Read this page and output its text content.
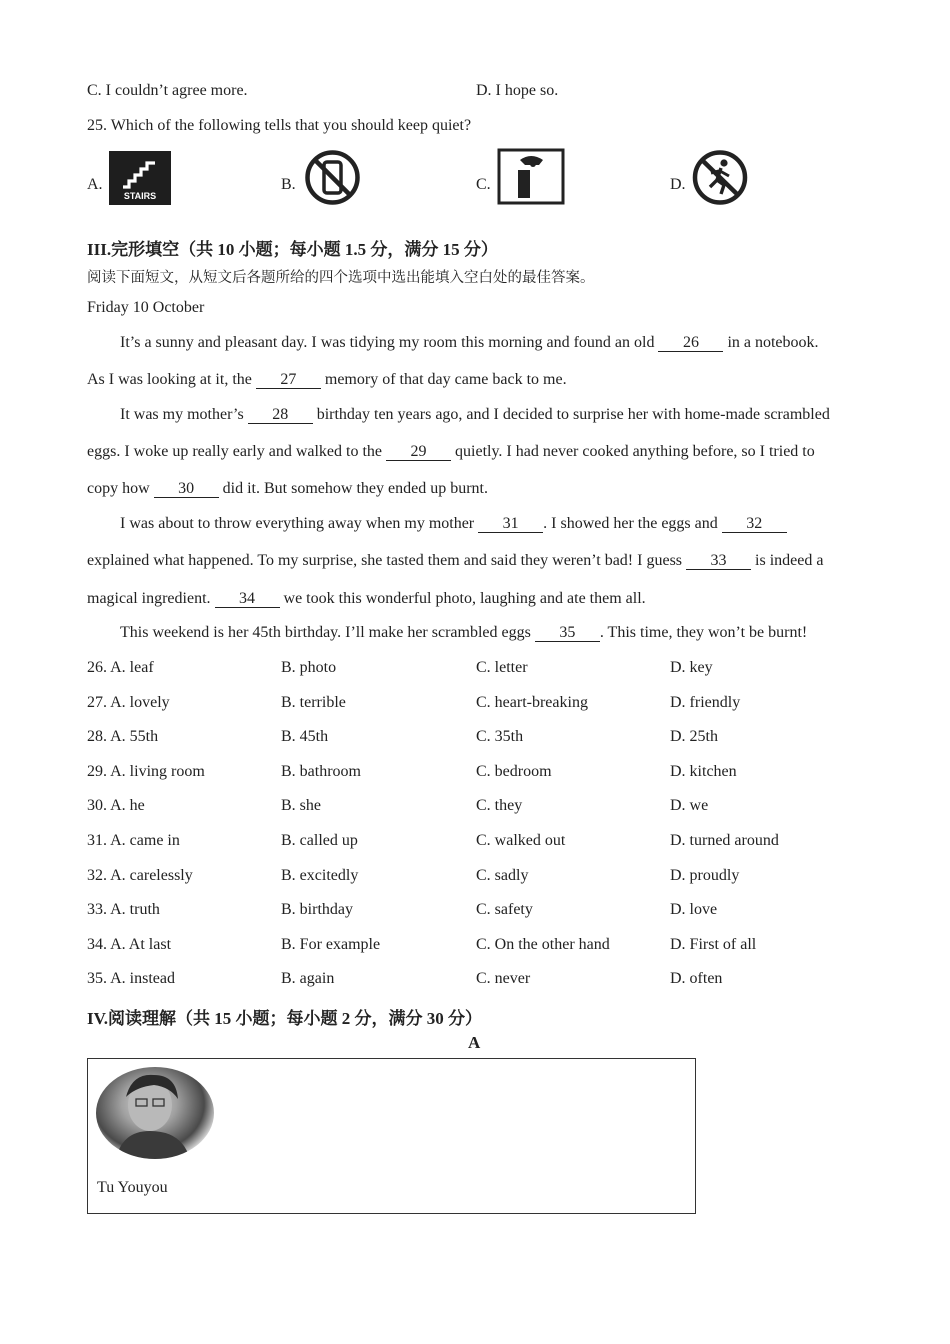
C. I couldn’t agree more.	D. I hope so.
25. Which of the following tells that you should keep quiet?
A.
STAIRS
B.	C.	D.
III.完形填空（共 10 小题；每小题 1.5 分，满分 15 分）
阅读下面短文，从短文后各题所给的四个选项中选出能填入空白处的最佳答案。
Friday 10 October
It’s a sunny and pleasant day. I was tidying my room this morning and found an old 26 in a notebook.
As I was looking at it, the 27 memory of that day came back to me.
It was my mother’s 28 birthday ten years ago, and I decided to surprise her with home-made scrambled
eggs. I woke up really early and walked to the 29 quietly. I had never cooked anything before, so I tried to
copy how 30 did it. But somehow they ended up burnt.
I was about to throw everything away when my mother 31 . I showed her the eggs and 32
explained what happened. To my surprise, she tasted them and said they weren’t bad! I guess 33 is indeed a
magical ingredient. 34 we took this wonderful photo, laughing and ate them all.
This weekend is her 45th birthday. I’ll make her scrambled eggs 35 . This time, they won’t be burnt!
26. A. leaf	B. photo	C. letter	D. key
27. A. lovely	B. terrible	C. heart-breaking	D. friendly
28. A. 55th	B. 45th	C. 35th	D. 25th
29. A. living room	B. bathroom	C. bedroom	D. kitchen
30. A. he	B. she	C. they	D. we
31. A. came in	B. called up	C. walked out	D. turned around
32. A. carelessly	B. excitedly	C. sadly	D. proudly
33. A. truth	B. birthday	C. safety	D. love
34. A. At last	B. For example	C. On the other hand	D. First of all
35. A. instead	B. again	C. never	D. often
IV.阅读理解（共 15 小题；每小题 2 分，满分 30 分）
A
Tu Youyou
